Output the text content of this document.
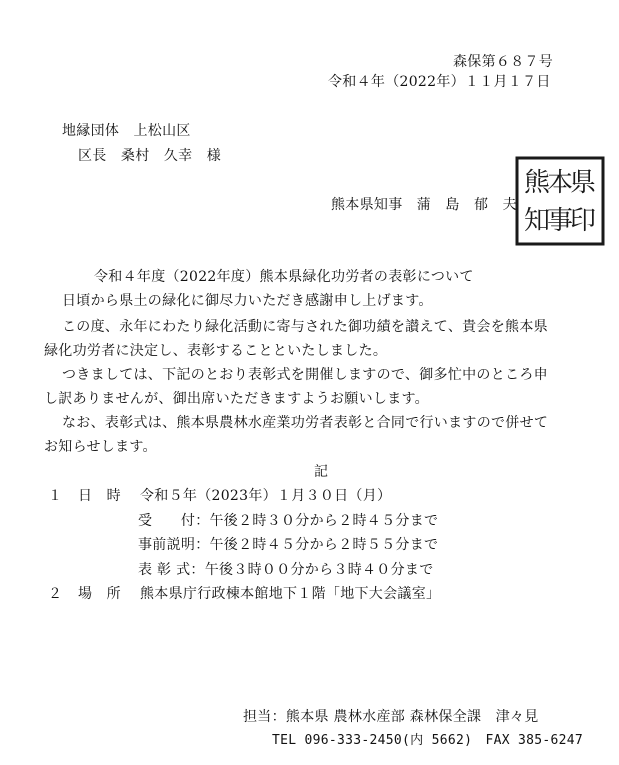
森保第６８７号
令和４年（2022年）１１月１７日
地縁団体　上松山区
区長　桑村　久幸　様
熊本県知事　蒲　島　郁　夫
県
熊
本
知
事
印
令和４年度（2022年度）熊本県緑化功労者の表彰について
日頃から県土の緑化に御尽力いただき感謝申し上げます。
この度、永年にわたり緑化活動に寄与された御功績を讃えて、貴会を熊本県
緑化功労者に決定し、表彰することといたしました。
つきましては、下記のとおり表彰式を開催しますので、御多忙中のところ申
し訳ありませんが、御出席いただきますようお願いします。
なお、表彰式は、熊本県農林水産業功労者表彰と合同で行いますので併せて
お知らせします。
記
１ 日　時 令和５年（2023年）１月３０日（月）
受　　付：午後２時３０分から２時４５分まで
事前説明：午後２時４５分から２時５５分まで
表 彰 式：午後３時００分から３時４０分まで
２ 場　所 熊本県庁行政棟本館地下１階「地下大会議室」
担当：熊本県 農林水産部 森林保全課　津々見
TEL 096-333-2450(内 5662)　FAX 385-6247
